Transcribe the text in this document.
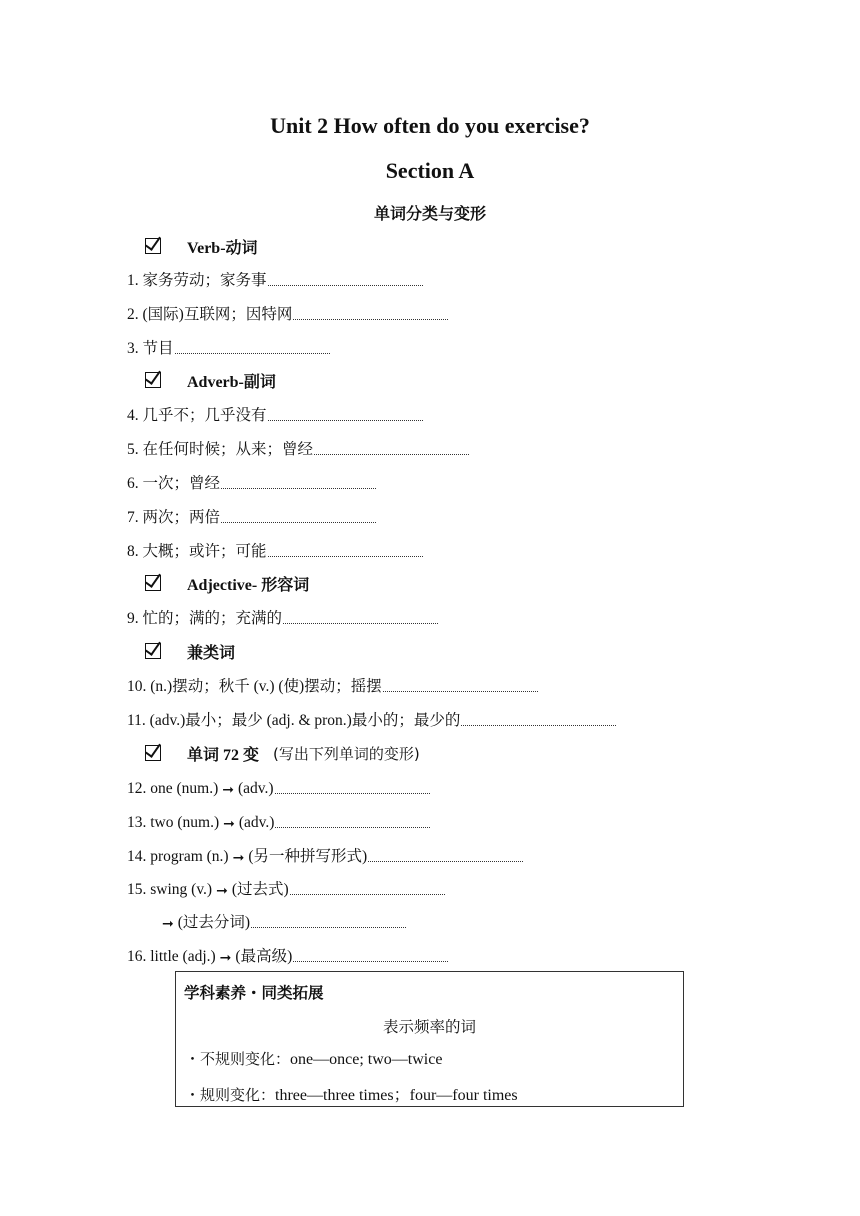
Unit 2 How often do you exercise?
Section A
单词分类与变形
Verb-动词
1. 家务劳动；家务事
2. (国际)互联网；因特网
3. 节目
Adverb-副词
4. 几乎不；几乎没有
5. 在任何时候；从来；曾经
6. 一次；曾经
7. 两次；两倍
8. 大概；或许；可能
Adjective- 形容词
9. 忙的；满的；充满的
兼类词
10. (n.)摆动；秋千 (v.) (使)摆动；摇摆
11. (adv.)最小；最少 (adj. & pron.)最小的；最少的
单词 72 变 (写出下列单词的变形)
12. one (num.) ➞ (adv.)
13. two (num.) ➞ (adv.)
14. program (n.) ➞ (另一种拼写形式)
15. swing (v.) ➞ (过去式)
➞ (过去分词)
16. little (adj.) ➞ (最高级)
学科素养・同类拓展
表示频率的词
・不规则变化：one—once; two—twice
・规则变化：three—three times；four—four times
